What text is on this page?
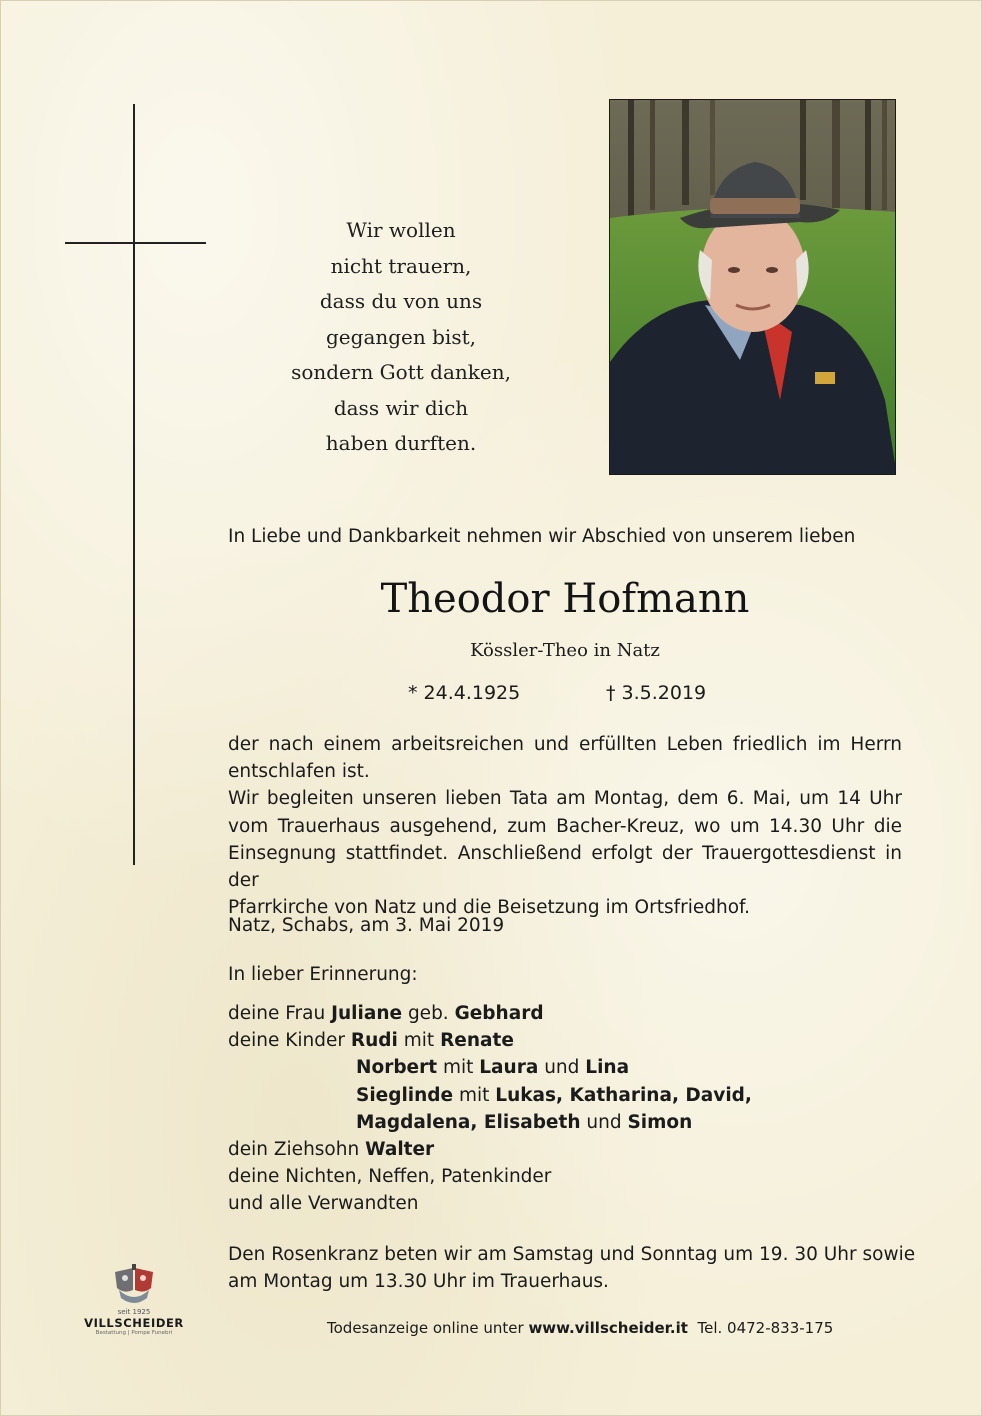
Wir wollen
nicht trauern,
dass du von uns
gegangen bist,
sondern Gott danken,
dass wir dich
haben durften.
In Liebe und Dankbarkeit nehmen wir Abschied von unserem lieben
Theodor Hofmann
Kössler-Theo in Natz
* 24.4.1925	† 3.5.2019

der nach einem arbeitsreichen und erfüllten Leben friedlich im Herrn

entschlafen ist.

Wir begleiten unseren lieben Tata am Montag, dem 6. Mai, um 14 Uhr

vom Trauerhaus ausgehend, zum Bacher-Kreuz, wo um 14.30 Uhr die

Einsegnung stattfindet. Anschließend erfolgt der Trauergottesdienst in der

Pfarrkirche von Natz und die Beisetzung im Ortsfriedhof.

Natz, Schabs, am 3. Mai 2019
In lieber Erinnerung:
deine Frau Juliane geb. Gebhard
deine Kinder Rudi mit Renate
Norbert mit Laura und Lina
Sieglinde mit Lukas, Katharina, David,
Magdalena, Elisabeth und Simon
dein Ziehsohn Walter
deine Nichten, Neffen, Patenkinder
und alle Verwandten
Den Rosenkranz beten wir am Samstag und Sonntag um 19. 30 Uhr sowie
am Montag um 13.30 Uhr im Trauerhaus.
seit 1925
VILLSCHEIDER
Bestattung | Pompe Funebri	Todesanzeige online unter www.villscheider.it  Tel. 0472-833-175
